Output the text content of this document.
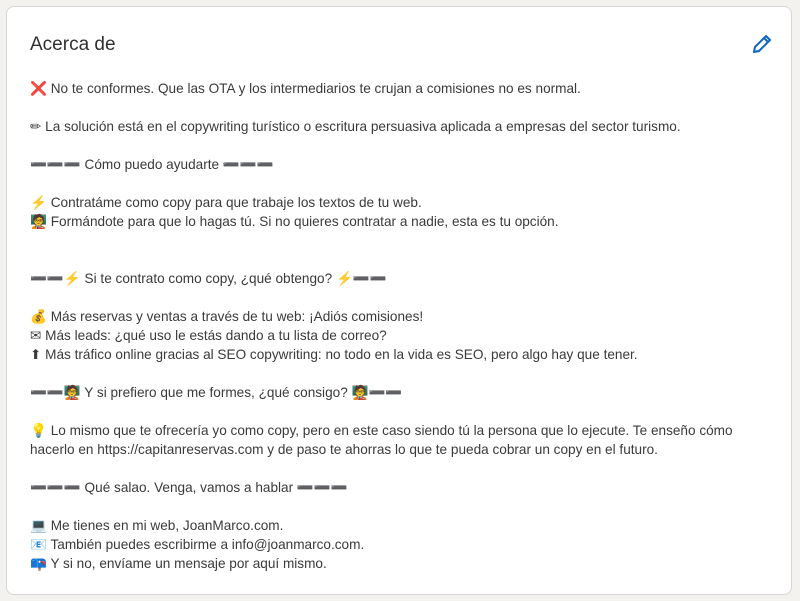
Acerca de
❌ No te conformes. Que las OTA y los intermediarios te crujan a comisiones no es normal.
✏ La solución está en el copywriting turístico o escritura persuasiva aplicada a empresas del sector turismo.
➖➖➖ Cómo puedo ayudarte ➖➖➖
⚡ Contratáme como copy para que trabaje los textos de tu web.
🧑‍🏫 Formándote para que lo hagas tú. Si no quieres contratar a nadie, esta es tu opción.
➖➖⚡ Si te contrato como copy, ¿qué obtengo? ⚡➖➖
💰 Más reservas y ventas a través de tu web: ¡Adiós comisiones!
✉ Más leads: ¿qué uso le estás dando a tu lista de correo?
⬆ Más tráfico online gracias al SEO copywriting: no todo en la vida es SEO, pero algo hay que tener.
➖➖🧑‍🏫 Y si prefiero que me formes, ¿qué consigo? 🧑‍🏫➖➖
💡 Lo mismo que te ofrecería yo como copy, pero en este caso siendo tú la persona que lo ejecute. Te enseño cómo hacerlo en https://capitanreservas.com y de paso te ahorras lo que te pueda cobrar un copy en el futuro.
➖➖➖ Qué salao. Venga, vamos a hablar ➖➖➖
💻 Me tienes en mi web, JoanMarco.com.
📧 También puedes escribirme a info@joanmarco.com.
📪 Y si no, envíame un mensaje por aquí mismo.
